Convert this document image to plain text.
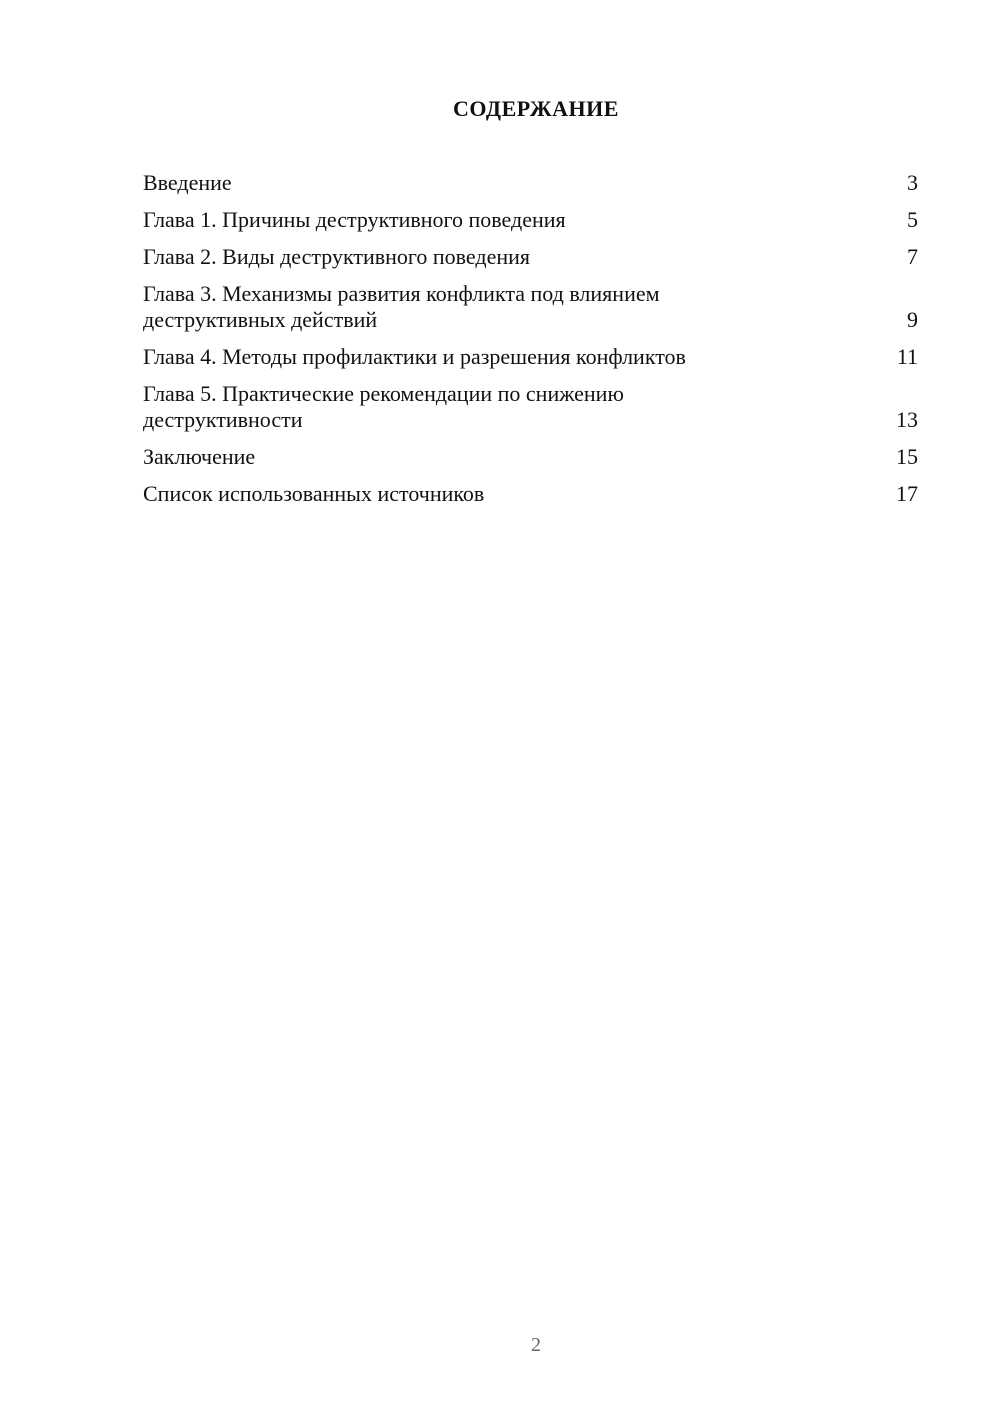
СОДЕРЖАНИЕ
Введение	3
Глава 1. Причины деструктивного поведения	5
Глава 2. Виды деструктивного поведения	7
Глава 3. Механизмы развития конфликта под влиянием
деструктивных действий	9
Глава 4. Методы профилактики и разрешения конфликтов	11
Глава 5. Практические рекомендации по снижению
деструктивности	13
Заключение	15
Список использованных источников	17
2
